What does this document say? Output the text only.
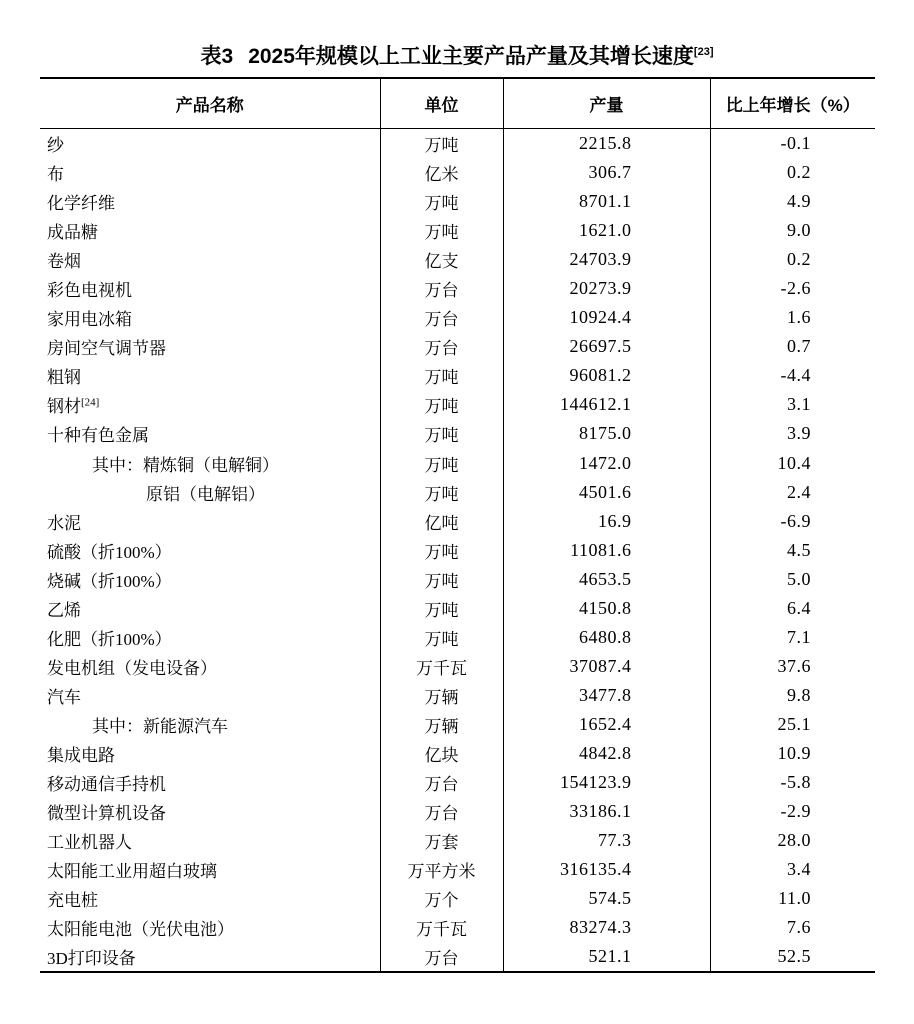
表3 2025年规模以上工业主要产品产量及其增长速度[23]
产品名称	单位	产量	比上年增长（%）
纱	万吨	2215.8	-0.1
布	亿米	306.7	0.2
化学纤维	万吨	8701.1	4.9
成品糖	万吨	1621.0	9.0
卷烟	亿支	24703.9	0.2
彩色电视机	万台	20273.9	-2.6
家用电冰箱	万台	10924.4	1.6
房间空气调节器	万台	26697.5	0.7
粗钢	万吨	96081.2	-4.4
钢材[24]	万吨	144612.1	3.1
十种有色金属	万吨	8175.0	3.9
其中：精炼铜（电解铜）	万吨	1472.0	10.4
原铝（电解铝）	万吨	4501.6	2.4
水泥	亿吨	16.9	-6.9
硫酸（折100%）	万吨	11081.6	4.5
烧碱（折100%）	万吨	4653.5	5.0
乙烯	万吨	4150.8	6.4
化肥（折100%）	万吨	6480.8	7.1
发电机组（发电设备）	万千瓦	37087.4	37.6
汽车	万辆	3477.8	9.8
其中：新能源汽车	万辆	1652.4	25.1
集成电路	亿块	4842.8	10.9
移动通信手持机	万台	154123.9	-5.8
微型计算机设备	万台	33186.1	-2.9
工业机器人	万套	77.3	28.0
太阳能工业用超白玻璃	万平方米	316135.4	3.4
充电桩	万个	574.5	11.0
太阳能电池（光伏电池）	万千瓦	83274.3	7.6
3D打印设备	万台	521.1	52.5
